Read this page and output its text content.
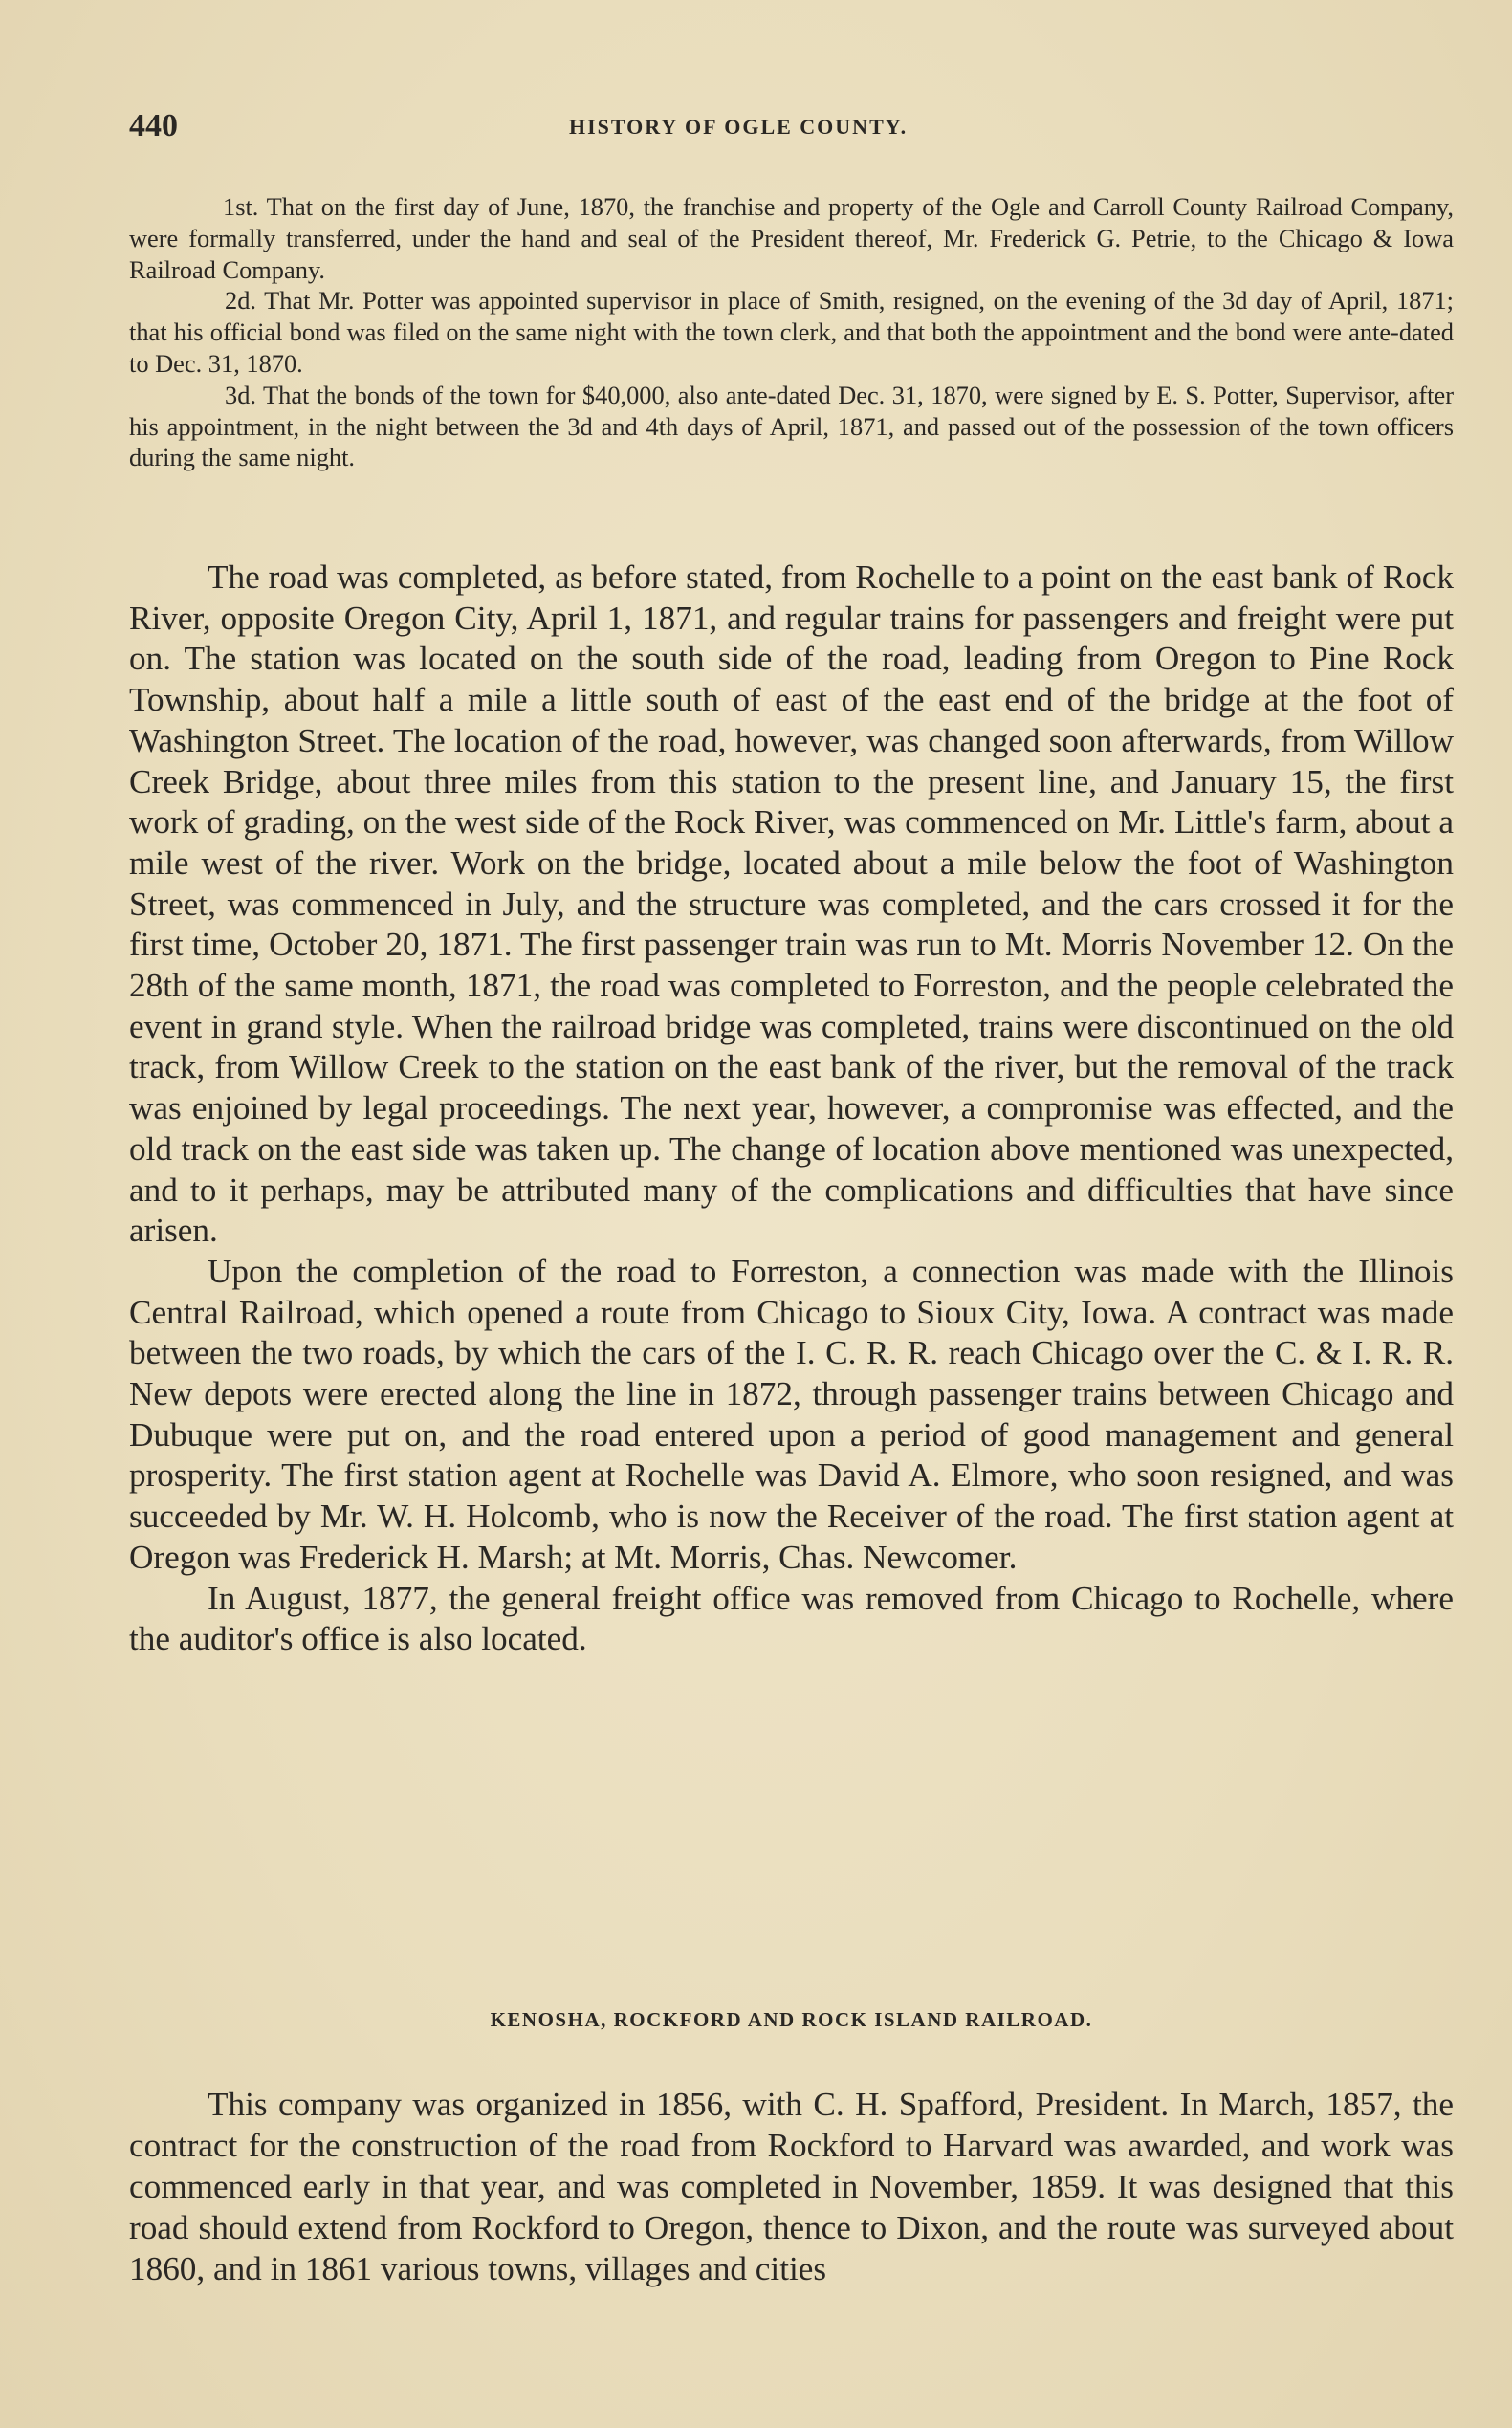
440	HISTORY OF OGLE COUNTY.

1st. That on the first day of June, 1870, the franchise and property of the Ogle and Carroll County Railroad Company, were formally transferred, under the hand and seal of the President thereof, Mr. Frederick G. Petrie, to the Chicago & Iowa Railroad Company.

2d. That Mr. Potter was appointed supervisor in place of Smith, resigned, on the evening of the 3d day of April, 1871; that his official bond was filed on the same night with the town clerk, and that both the appointment and the bond were ante-dated to Dec. 31, 1870.

3d. That the bonds of the town for $40,000, also ante-dated Dec. 31, 1870, were signed by E. S. Potter, Supervisor, after his appointment, in the night between the 3d and 4th days of April, 1871, and passed out of the possession of the town officers during the same night.

The road was completed, as before stated, from Rochelle to a point on the east bank of Rock River, opposite Oregon City, April 1, 1871, and regular trains for passengers and freight were put on. The station was located on the south side of the road, leading from Oregon to Pine Rock Township, about half a mile a little south of east of the east end of the bridge at the foot of Washington Street. The location of the road, however, was changed soon afterwards, from Willow Creek Bridge, about three miles from this station to the present line, and January 15, the first work of grading, on the west side of the Rock River, was commenced on Mr. Little's farm, about a mile west of the river. Work on the bridge, located about a mile below the foot of Washington Street, was commenced in July, and the structure was completed, and the cars crossed it for the first time, October 20, 1871. The first passenger train was run to Mt. Morris November 12. On the 28th of the same month, 1871, the road was completed to Forreston, and the people celebrated the event in grand style. When the railroad bridge was completed, trains were discontinued on the old track, from Willow Creek to the station on the east bank of the river, but the removal of the track was enjoined by legal proceedings. The next year, however, a compromise was effected, and the old track on the east side was taken up. The change of location above mentioned was unexpected, and to it perhaps, may be attributed many of the complications and difficulties that have since arisen.

Upon the completion of the road to Forreston, a connection was made with the Illinois Central Railroad, which opened a route from Chicago to Sioux City, Iowa. A contract was made between the two roads, by which the cars of the I. C. R. R. reach Chicago over the C. & I. R. R. New depots were erected along the line in 1872, through passenger trains between Chicago and Dubuque were put on, and the road entered upon a period of good management and general prosperity. The first station agent at Rochelle was David A. Elmore, who soon resigned, and was succeeded by Mr. W. H. Holcomb, who is now the Receiver of the road. The first station agent at Oregon was Frederick H. Marsh; at Mt. Morris, Chas. Newcomer.

In August, 1877, the general freight office was removed from Chicago to Rochelle, where the auditor's office is also located.

KENOSHA, ROCKFORD AND ROCK ISLAND RAILROAD.

This company was organized in 1856, with C. H. Spafford, President. In March, 1857, the contract for the construction of the road from Rockford to Harvard was awarded, and work was commenced early in that year, and was completed in November, 1859. It was designed that this road should extend from Rockford to Oregon, thence to Dixon, and the route was surveyed about 1860, and in 1861 various towns, villages and cities
